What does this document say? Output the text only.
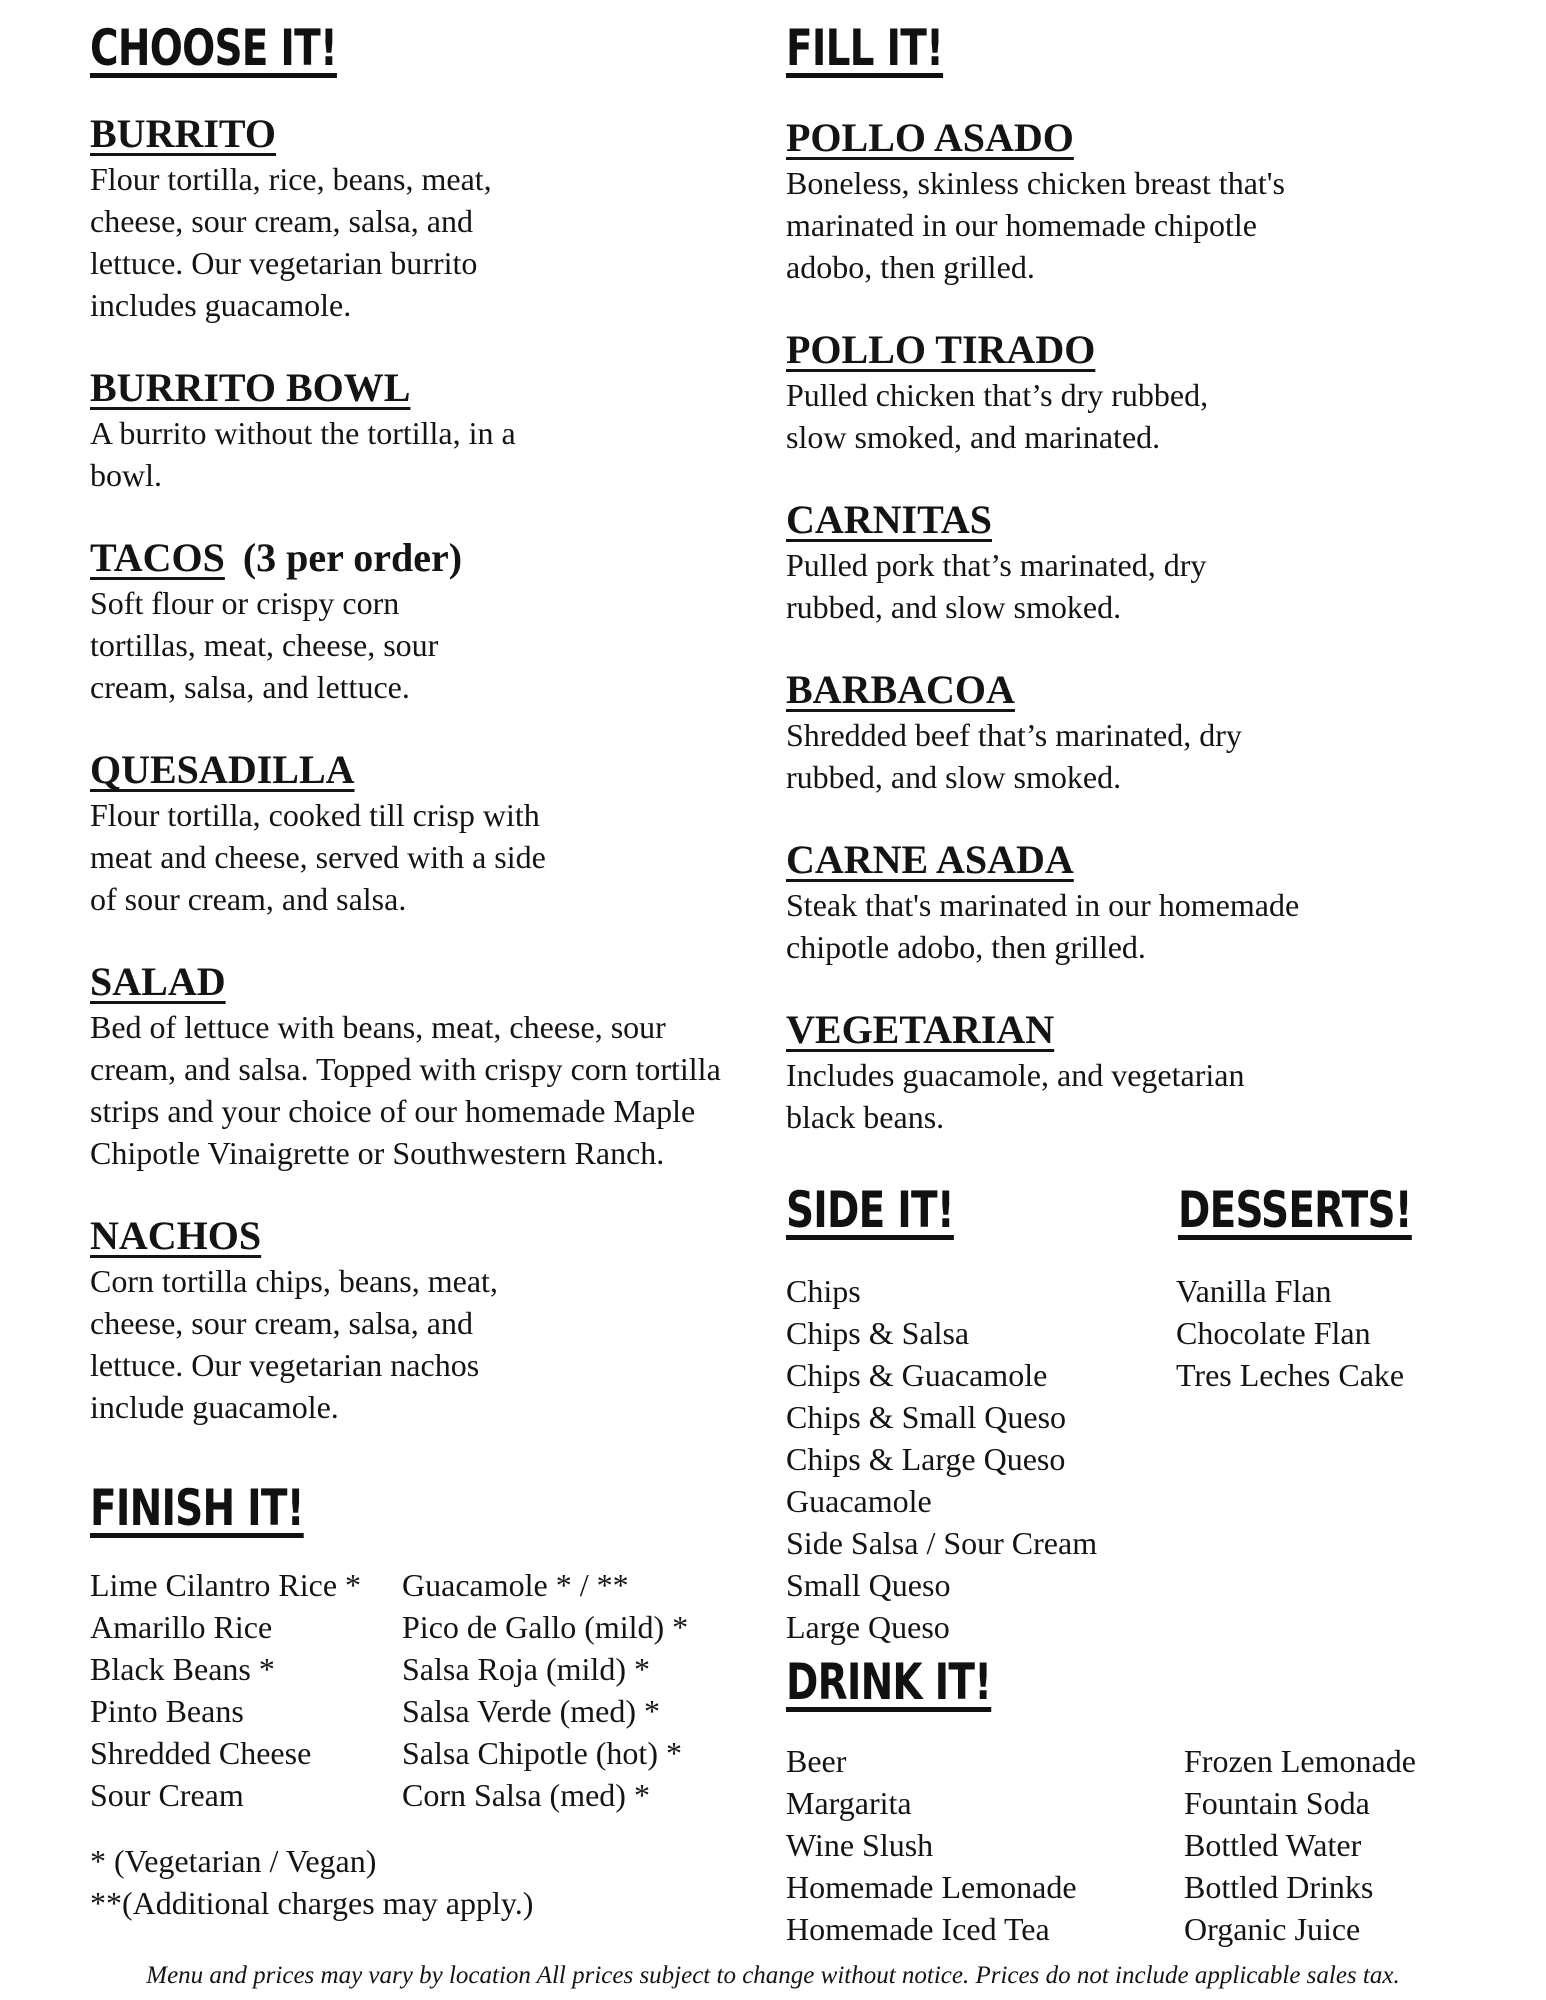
CHOOSE IT!
BURRITO

Flour tortilla, rice, beans, meat, cheese, sour cream, salsa, and lettuce. Our vegetarian burrito includes guacamole.

BURRITO BOWL

A burrito without the tortilla, in a bowl.

TACOS (3 per order)

Soft flour or crispy corn tortillas, meat, cheese, sour cream, salsa, and lettuce.

QUESADILLA

Flour tortilla, cooked till crisp with meat and cheese, served with a side of sour cream, and salsa.

SALAD

Bed of lettuce with beans, meat, cheese, sour cream, and salsa. Topped with crispy corn tortilla strips and your choice of our homemade Maple Chipotle Vinaigrette or Southwestern Ranch.

NACHOS

Corn tortilla chips, beans, meat, cheese, sour cream, salsa, and lettuce. Our vegetarian nachos include guacamole.

FINISH IT!
Lime Cilantro Rice *
Amarillo Rice
Black Beans *
Pinto Beans
Shredded Cheese
Sour Cream
Guacamole * / **
Pico de Gallo (mild) *
Salsa Roja (mild) *
Salsa Verde (med) *
Salsa Chipotle (hot) *
Corn Salsa (med) *
* (Vegetarian / Vegan)
**(Additional charges may apply.)
FILL IT!
POLLO ASADO

Boneless, skinless chicken breast that's marinated in our homemade chipotle adobo, then grilled.

POLLO TIRADO

Pulled chicken that’s dry rubbed, slow smoked, and marinated.

CARNITAS

Pulled pork that’s marinated, dry rubbed, and slow smoked.

BARBACOA

Shredded beef that’s marinated, dry rubbed, and slow smoked.

CARNE ASADA

Steak that's marinated in our homemade chipotle adobo, then grilled.

VEGETARIAN

Includes guacamole, and vegetarian black beans.

SIDE IT!
Chips
Chips & Salsa
Chips & Guacamole
Chips & Small Queso
Chips & Large Queso
Guacamole
Side Salsa / Sour Cream
Small Queso
Large Queso
DESSERTS!
Vanilla Flan
Chocolate Flan
Tres Leches Cake
DRINK IT!
Beer
Margarita
Wine Slush
Homemade Lemonade
Homemade Iced Tea
Frozen Lemonade
Fountain Soda
Bottled Water
Bottled Drinks
Organic Juice
Menu and prices may vary by location All prices subject to change without notice. Prices do not include applicable sales tax.
